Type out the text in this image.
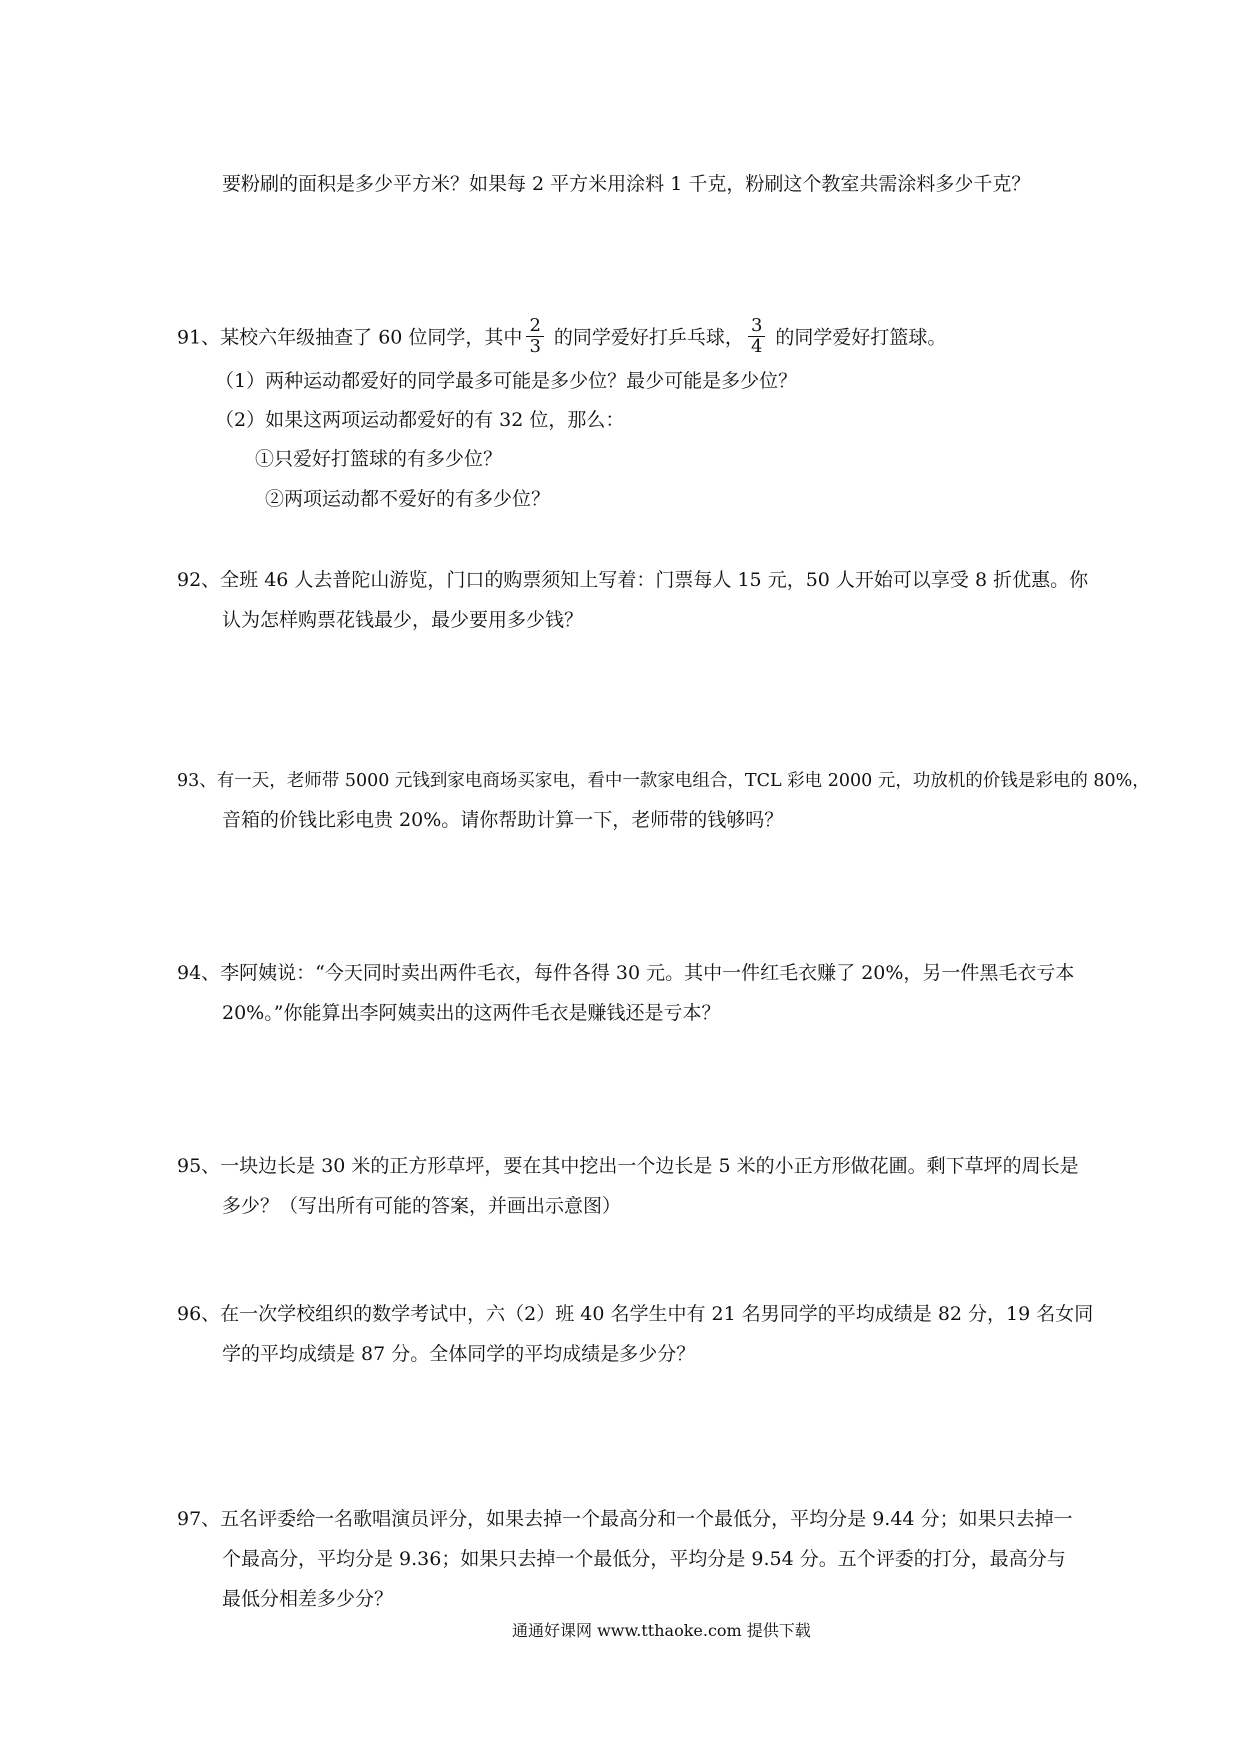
要粉刷的面积是多少平方米？如果每 2 平方米用涂料 1 千克，粉刷这个教室共需涂料多少千克？
91、某校六年级抽查了 60 位同学，其中 $\frac{2}{3}$ 的同学爱好打乒乓球， $\frac{3}{4}$ 的同学爱好打篮球。
（1）两种运动都爱好的同学最多可能是多少位？最少可能是多少位？
（2）如果这两项运动都爱好的有 32 位，那么：
①只爱好打篮球的有多少位？
②两项运动都不爱好的有多少位？
92、全班 46 人去普陀山游览，门口的购票须知上写着：门票每人 15 元，50 人开始可以享受 8 折优惠。你
认为怎样购票花钱最少，最少要用多少钱？
93、有一天，老师带 5000 元钱到家电商场买家电，看中一款家电组合，TCL 彩电 2000 元，功放机的价钱是彩电的 80%，
音箱的价钱比彩电贵 20%。请你帮助计算一下，老师带的钱够吗？
94、李阿姨说：“今天同时卖出两件毛衣，每件各得 30 元。其中一件红毛衣赚了 20%，另一件黑毛衣亏本
20%。”你能算出李阿姨卖出的这两件毛衣是赚钱还是亏本？
95、一块边长是 30 米的正方形草坪，要在其中挖出一个边长是 5 米的小正方形做花圃。剩下草坪的周长是
多少？（写出所有可能的答案，并画出示意图）
96、在一次学校组织的数学考试中，六（2）班 40 名学生中有 21 名男同学的平均成绩是 82 分，19 名女同
学的平均成绩是 87 分。全体同学的平均成绩是多少分？
97、五名评委给一名歌唱演员评分，如果去掉一个最高分和一个最低分，平均分是 9.44 分；如果只去掉一
个最高分，平均分是 9.36；如果只去掉一个最低分，平均分是 9.54 分。五个评委的打分，最高分与
最低分相差多少分？
通通好课网 www.tthaoke.com 提供下载
